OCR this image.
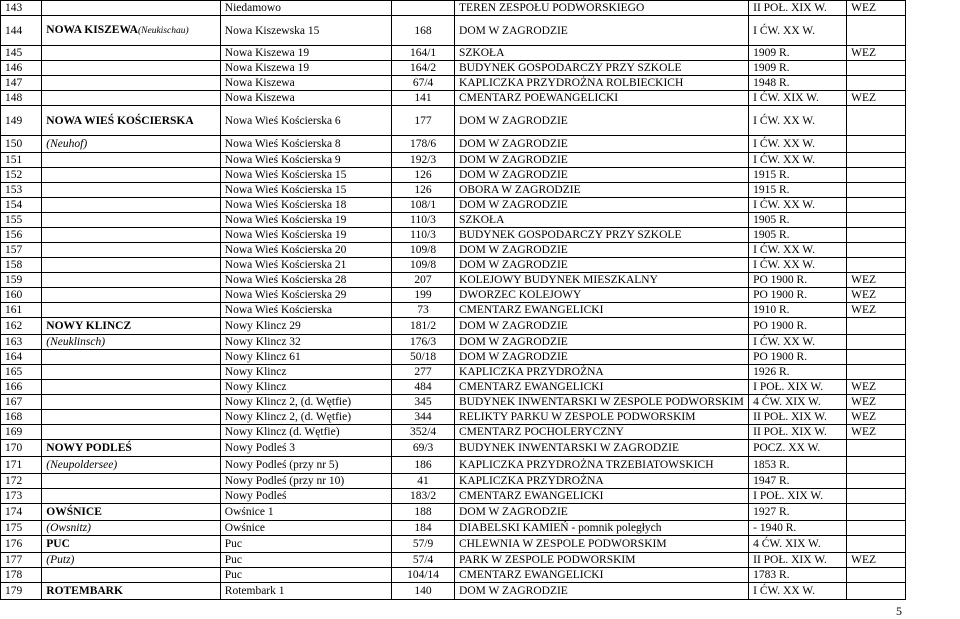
143		Niedamowo		TEREN ZESPOŁU PODWORSKIEGO	II POŁ. XIX W.	WEZ
144	NOWA KISZEWA(Neukischau)	Nowa Kiszewska 15	168	DOM W ZAGRODZIE	I ĆW. XX W.	
145		Nowa Kiszewa 19	164/1	SZKOŁA	1909 R.	WEZ
146		Nowa Kiszewa 19	164/2	BUDYNEK GOSPODARCZY PRZY SZKOLE	1909 R.	
147		Nowa Kiszewa	67/4	KAPLICZKA PRZYDROŻNA ROLBIECKICH	1948 R.	
148		Nowa Kiszewa	141	CMENTARZ POEWANGELICKI	I ĆW. XIX W.	WEZ
149	NOWA WIEŚ KOŚCIERSKA	Nowa Wieś Kościerska 6	177	DOM W ZAGRODZIE	I ĆW. XX W.	
150	(Neuhof)	Nowa Wieś Kościerska 8	178/6	DOM W ZAGRODZIE	I ĆW. XX W.	
151		Nowa Wieś Kościerska 9	192/3	DOM W ZAGRODZIE	I ĆW. XX W.	
152		Nowa Wieś Kościerska 15	126	DOM W ZAGRODZIE	1915 R.	
153		Nowa Wieś Kościerska 15	126	OBORA W ZAGRODZIE	1915 R.	
154		Nowa Wieś Kościerska 18	108/1	DOM W ZAGRODZIE	I ĆW. XX W.	
155		Nowa Wieś Kościerska 19	110/3	SZKOŁA	1905 R.	
156		Nowa Wieś Kościerska 19	110/3	BUDYNEK GOSPODARCZY PRZY SZKOLE	1905 R.	
157		Nowa Wieś Kościerska 20	109/8	DOM W ZAGRODZIE	I ĆW. XX W.	
158		Nowa Wieś Kościerska 21	109/8	DOM W ZAGRODZIE	I ĆW. XX W.	
159		Nowa Wieś Kościerska 28	207	KOLEJOWY BUDYNEK MIESZKALNY	PO 1900 R.	WEZ
160		Nowa Wieś Kościerska 29	199	DWORZEC KOLEJOWY	PO 1900 R.	WEZ
161		Nowa Wieś Kościerska	73	CMENTARZ EWANGELICKI	1910 R.	WEZ
162	NOWY KLINCZ	Nowy Klincz 29	181/2	DOM W ZAGRODZIE	PO 1900 R.	
163	(Neuklinsch)	Nowy Klincz 32	176/3	DOM W ZAGRODZIE	I ĆW. XX W.	
164		Nowy Klincz 61	50/18	DOM W ZAGRODZIE	PO 1900 R.	
165		Nowy Klincz	277	KAPLICZKA PRZYDROŻNA	1926 R.	
166		Nowy Klincz	484	CMENTARZ EWANGELICKI	I POŁ. XIX W.	WEZ
167		Nowy Klincz 2, (d. Wętfie)	345	BUDYNEK INWENTARSKI W ZESPOLE PODWORSKIM	4 ĆW. XIX W.	WEZ
168		Nowy Klincz 2, (d. Wętfie)	344	RELIKTY PARKU W ZESPOLE PODWORSKIM	II POŁ. XIX W.	WEZ
169		Nowy Klincz (d. Wętfie)	352/4	CMENTARZ POCHOLERYCZNY	II POŁ. XIX W.	WEZ
170	NOWY PODLEŚ	Nowy Podleś 3	69/3	BUDYNEK INWENTARSKI W ZAGRODZIE	POCZ. XX W.	
171	(Neupoldersee)	Nowy Podleś (przy nr 5)	186	KAPLICZKA PRZYDROŻNA TRZEBIATOWSKICH	1853 R.	
172		Nowy Podleś (przy nr 10)	41	KAPLICZKA PRZYDROŻNA	1947 R.	
173		Nowy Podleś	183/2	CMENTARZ EWANGELICKI	I POŁ. XIX W.	
174	OWŚNICE	Owśnice 1	188	DOM W ZAGRODZIE	1927 R.	
175	(Owsnitz)	Owśnice	184	DIABELSKI KAMIEŃ - pomnik poległych	- 1940 R.	
176	PUC	Puc	57/9	CHLEWNIA W ZESPOLE PODWORSKIM	4 ĆW. XIX W.	
177	(Putz)	Puc	57/4	PARK W ZESPOLE PODWORSKIM	II POŁ. XIX W.	WEZ
178		Puc	104/14	CMENTARZ EWANGELICKI	1783 R.	
179	ROTEMBARK	Rotembark 1	140	DOM W ZAGRODZIE	I ĆW. XX W.	
5
